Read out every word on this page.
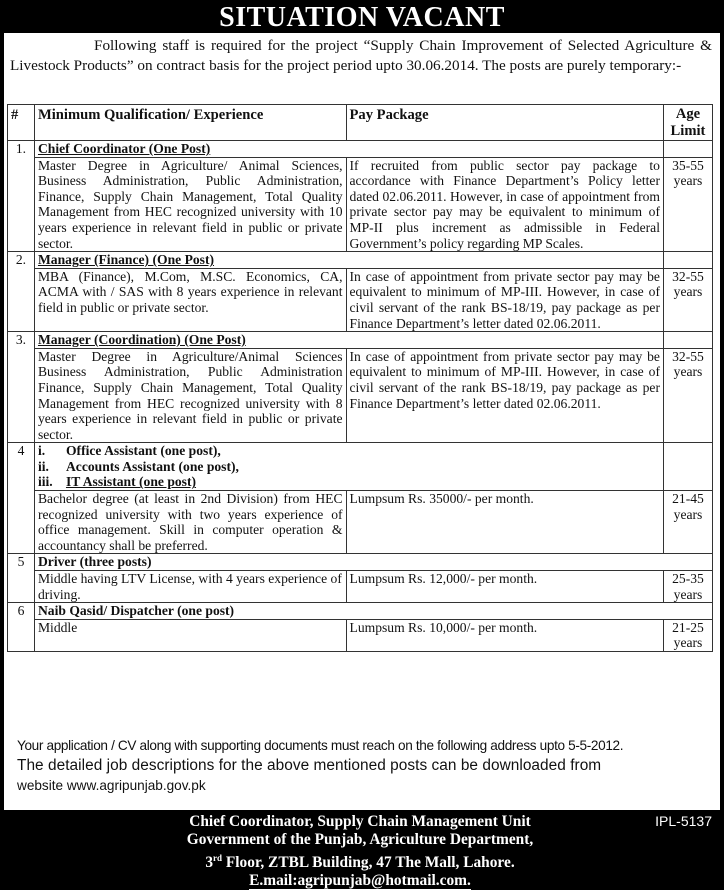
SITUATION VACANT
Following staff is required for the project “Supply Chain Improvement of Selected Agriculture & Livestock Products” on contract basis for the project period upto 30.06.2014. The posts are purely temporary:-
#	Minimum Qualification/ Experience	Pay Package	Age
Limit
1.	Chief Coordinator (One Post)		
Master Degree in Agriculture/ Animal Sciences, Business Administration, Public Administration, Finance, Supply Chain Management, Total Quality Management from HEC recognized university with 10 years experience in relevant field in public or private sector.	If recruited from public sector pay package to accordance with Finance Department’s Policy letter dated 02.06.2011. However, in case of appointment from private sector pay may be equivalent to minimum of MP-II plus increment as admissible in Federal Government’s policy regarding MP Scales.	35-55
years
2.	Manager (Finance) (One Post)		
	MBA (Finance), M.Com, M.SC. Economics, CA, ACMA with / SAS with 8 years experience in relevant field in public or private sector.	In case of appointment from private sector pay may be equivalent to minimum of MP-III. However, in case of civil servant of the rank BS-18/19, pay package as per Finance Department’s letter dated 02.06.2011.	32-55
years
3.	Manager (Coordination) (One Post)		
Master Degree in Agriculture/Animal Sciences Business Administration, Public Administration Finance, Supply Chain Management, Total Quality Management from HEC recognized university with 8 years experience in relevant field in public or private sector.	In case of appointment from private sector pay may be equivalent to minimum of MP-III. However, in case of civil servant of the rank BS-18/19, pay package as per Finance Department’s letter dated 02.06.2011.	32-55
years
4	i.	Office Assistant (one post),
ii.	Accounts Assistant (one post),
iii. IT Assistant (one post)

	Bachelor degree (at least in 2nd Division) from HEC recognized university with two years experience of office management. Skill in computer operation & accountancy shall be preferred.	Lumpsum Rs. 35000/- per month.	21-45
years
5	Driver (three posts)		
	Middle having LTV License, with 4 years experience of driving.	Lumpsum Rs. 12,000/- per month.	25-35
years
6	Naib Qasid/ Dispatcher (one post)		
	Middle	Lumpsum Rs. 10,000/- per month.	21-25
years
Your application / CV along with supporting documents must reach on the following address upto 5-5-2012.
The detailed job descriptions for the above mentioned posts can be downloaded from
website www.agripunjab.gov.pk
Chief Coordinator, Supply Chain Management Unit
Government of the Punjab, Agriculture Department,
3rd Floor, ZTBL Building, 47 The Mall, Lahore.
E.mail:agripunjab@hotmail.com.
IPL-5137
